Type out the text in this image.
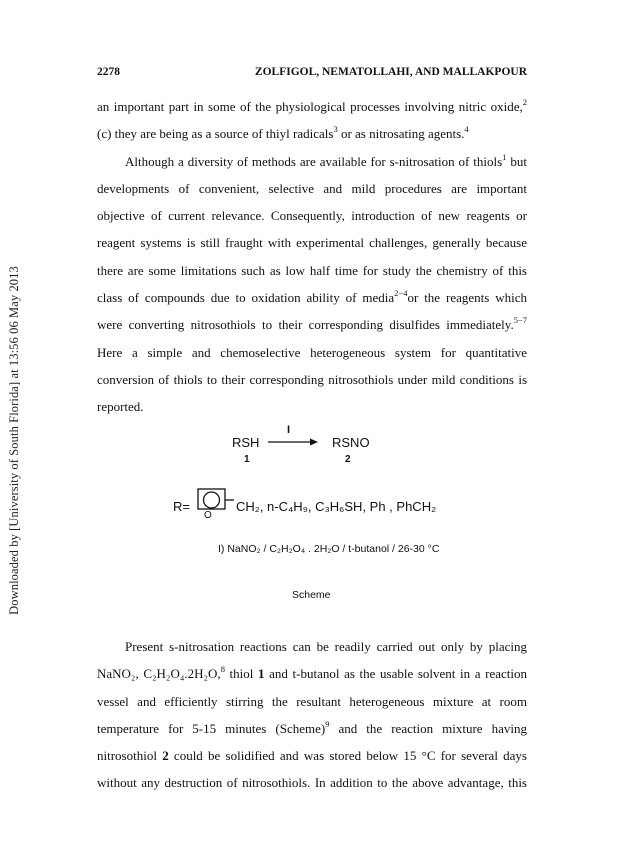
Downloaded by [University of South Florida] at 13:56 06 May 2013
2278	ZOLFIGOL, NEMATOLLAHI, AND MALLAKPOUR
an important part in some of the physiological processes involving nitric oxide,$^2$
(c) they are being as a source of thiyl radicals$^3$ or as nitrosating agents.$^4$
Although a diversity of methods are available for s-nitrosation of thiols$^1$ but
developments of convenient, selective and mild procedures are important
objective of current relevance. Consequently, introduction of new reagents or
reagent systems is still fraught with experimental challenges, generally because
there are some limitations such as low half time for study the chemistry of this
class of compounds due to oxidation ability of media$^{2-4}$or the reagents which
were converting nitrosothiols to their corresponding disulfides immediately.$^{5-7}$
Here a simple and chemoselective heterogeneous system for quantitative
conversion of thiols to their corresponding nitrosothiols under mild conditions is
reported.
RSH
1
I
→ RSNO
2
R=
O
CH₂, n-C₄H₉, C₃H₆SH, Ph , PhCH₂
I) NaNO₂ / C₂H₂O₄ . 2H₂O / t-butanol / 26-30 °C
Scheme
Present s-nitrosation reactions can be readily carried out only by placing
NaNO₂, C₂H₂O₄.2H₂O,$^8$ thiol 1 and t-butanol as the usable solvent in a reaction
vessel and efficiently stirring the resultant heterogeneous mixture at room
temperature for 5-15 minutes (Scheme)$^9$ and the reaction mixture having
nitrosothiol 2 could be solidified and was stored below 15 °C for several days
without any destruction of nitrosothiols. In addition to the above advantage, this
